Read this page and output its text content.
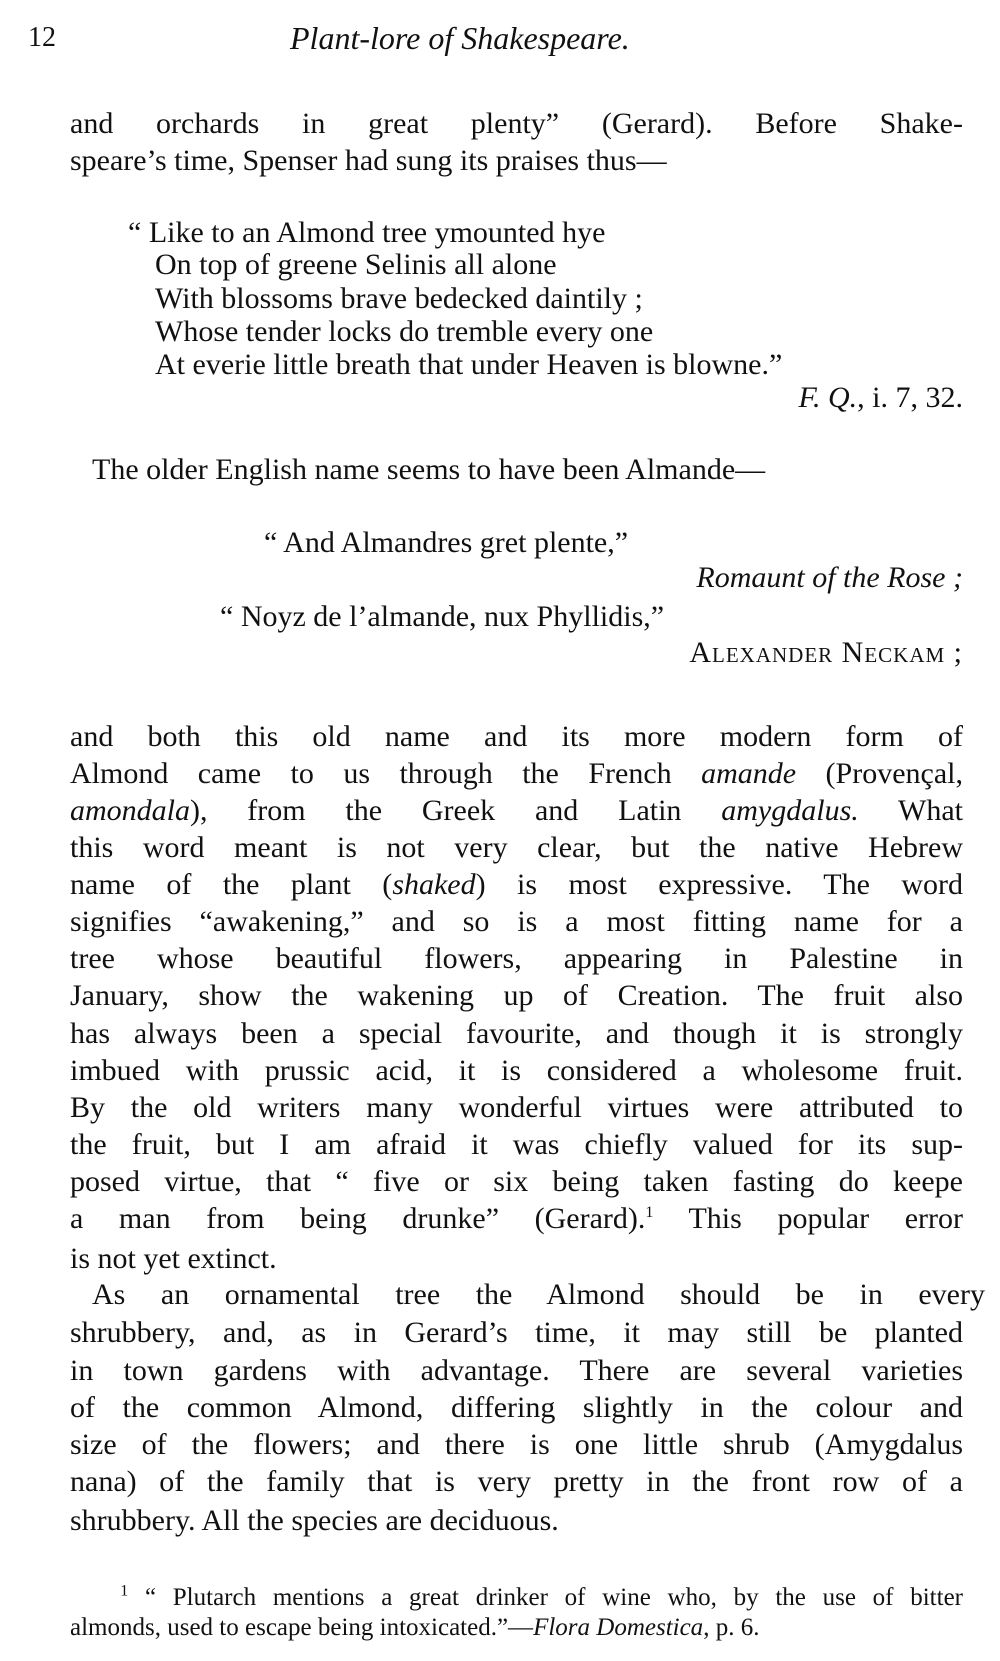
12	Plant-lore of Shakespeare.
and orchards in great plenty” (Gerard). Before Shake-
speare’s time, Spenser had sung its praises thus—
“ Like to an Almond tree ymounted hye
On top of greene Selinis all alone
With blossoms brave bedecked daintily ;
Whose tender locks do tremble every one
At everie little breath that under Heaven is blowne.”
F. Q., i. 7, 32.
The older English name seems to have been Almande—
“ And Almandres gret plente,”
Romaunt of the Rose ;
“ Noyz de l’almande, nux Phyllidis,”
Alexander Neckam ;
and both this old name and its more modern form of
Almond came to us through the French amande (Provençal,
amondala), from the Greek and Latin amygdalus. What
this word meant is not very clear, but the native Hebrew
name of the plant (shaked) is most expressive. The word
signifies “awakening,” and so is a most fitting name for a
tree whose beautiful flowers, appearing in Palestine in
January, show the wakening up of Creation. The fruit also
has always been a special favourite, and though it is strongly
imbued with prussic acid, it is considered a wholesome fruit.
By the old writers many wonderful virtues were attributed to
the fruit, but I am afraid it was chiefly valued for its sup-
posed virtue, that “ five or six being taken fasting do keepe
a man from being drunke” (Gerard).$^1$ This popular error
is not yet extinct.
As an ornamental tree the Almond should be in every
shrubbery, and, as in Gerard’s time, it may still be planted
in town gardens with advantage. There are several varieties
of the common Almond, differing slightly in the colour and
size of the flowers; and there is one little shrub (Amygdalus
nana) of the family that is very pretty in the front row of a
shrubbery. All the species are deciduous.
$^1$ “ Plutarch mentions a great drinker of wine who, by the use of bitter
almonds, used to escape being intoxicated.”—Flora Domestica, p. 6.
